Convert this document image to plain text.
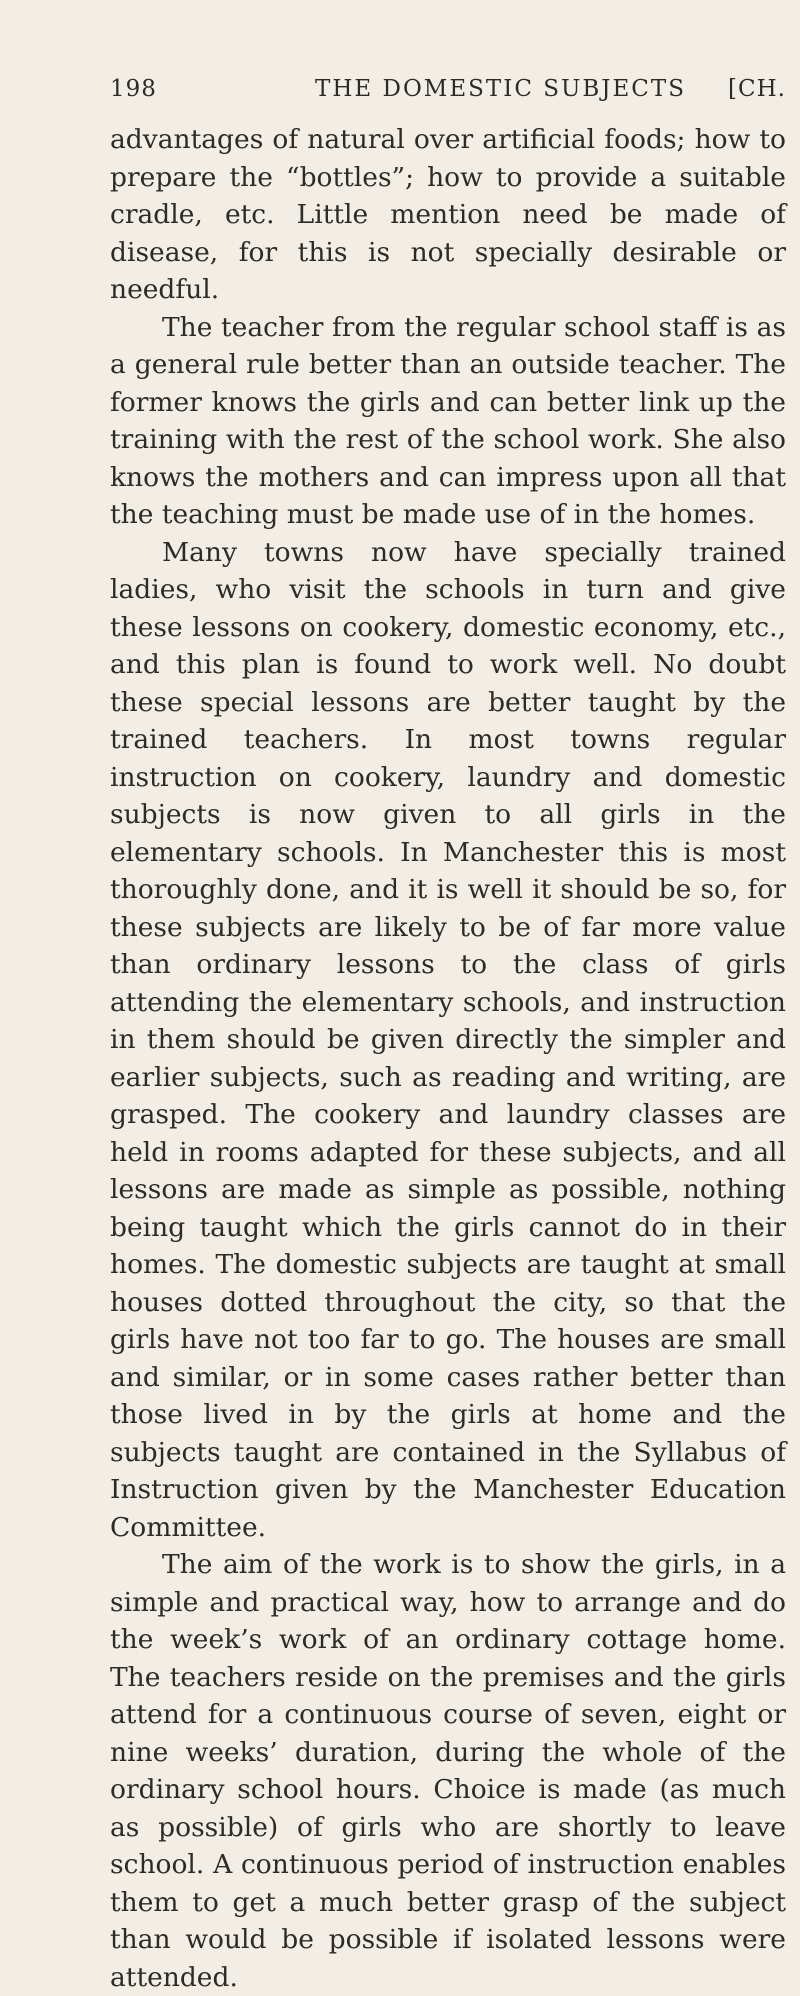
198	THE DOMESTIC SUBJECTS [CH.

advantages of natural over artificial foods; how to prepare the “bottles”; how to provide a suitable cradle, etc. Little mention need be made of disease, for this is not specially desirable or needful.

The teacher from the regular school staff is as a general rule better than an outside teacher. The former knows the girls and can better link up the training with the rest of the school work. She also knows the mothers and can impress upon all that the teaching must be made use of in the homes.

Many towns now have specially trained ladies, who visit the schools in turn and give these lessons on cookery, domestic economy, etc., and this plan is found to work well. No doubt these special lessons are better taught by the trained teachers. In most towns regular instruction on cookery, laundry and domestic subjects is now given to all girls in the elementary schools. In Manchester this is most thoroughly done, and it is well it should be so, for these subjects are likely to be of far more value than ordinary lessons to the class of girls attending the elementary schools, and instruction in them should be given directly the simpler and earlier subjects, such as reading and writing, are grasped. The cookery and laundry classes are held in rooms adapted for these subjects, and all lessons are made as simple as possible, nothing being taught which the girls cannot do in their homes. The domestic subjects are taught at small houses dotted throughout the city, so that the girls have not too far to go. The houses are small and similar, or in some cases rather better than those lived in by the girls at home and the subjects taught are contained in the Syllabus of Instruction given by the Manchester Education Committee.

The aim of the work is to show the girls, in a simple and practical way, how to arrange and do the week’s work of an ordinary cottage home. The teachers reside on the premises and the girls attend for a continuous course of seven, eight or nine weeks’ duration, during the whole of the ordinary school hours. Choice is made (as much as possible) of girls who are shortly to leave school. A continuous period of instruction enables them to get a much better grasp of the subject than would be possible if isolated lessons were attended.
